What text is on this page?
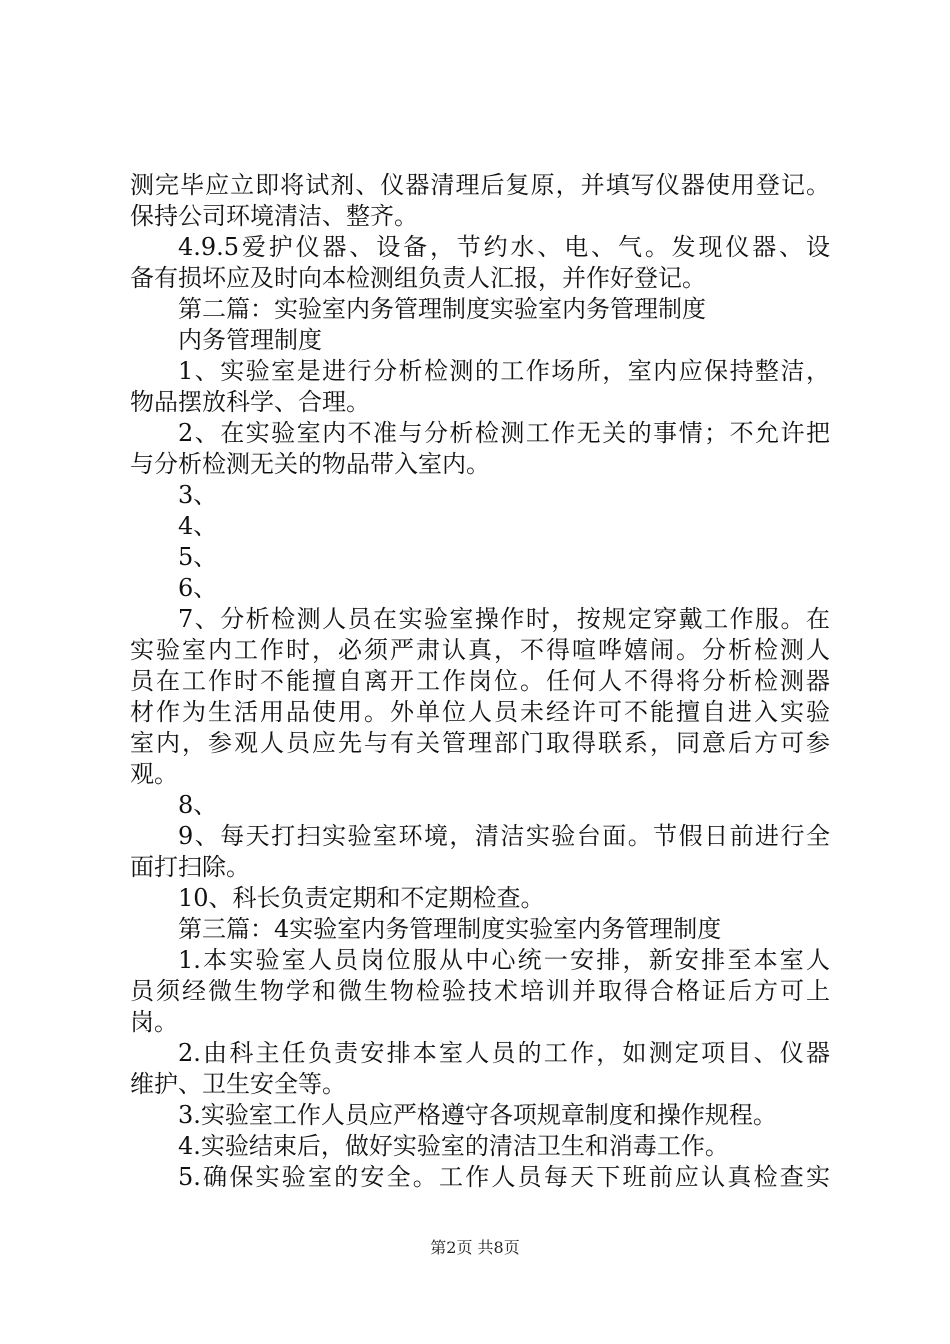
测完毕应立即将试剂、仪器清理后复原，并填写仪器使用登记。
保持公司环境清洁、整齐。
4.9.5爱护仪器、设备，节约水、电、气。发现仪器、设
备有损坏应及时向本检测组负责人汇报，并作好登记。
第二篇：实验室内务管理制度实验室内务管理制度
内务管理制度
1、实验室是进行分析检测的工作场所，室内应保持整洁，
物品摆放科学、合理。
2、在实验室内不准与分析检测工作无关的事情；不允许把
与分析检测无关的物品带入室内。
3、
4、
5、
6、
7、分析检测人员在实验室操作时，按规定穿戴工作服。在
实验室内工作时，必须严肃认真，不得喧哗嬉闹。分析检测人
员在工作时不能擅自离开工作岗位。任何人不得将分析检测器
材作为生活用品使用。外单位人员未经许可不能擅自进入实验
室内，参观人员应先与有关管理部门取得联系，同意后方可参
观。
8、
9、每天打扫实验室环境，清洁实验台面。节假日前进行全
面打扫除。
10、科长负责定期和不定期检查。
第三篇：4实验室内务管理制度实验室内务管理制度
1.本实验室人员岗位服从中心统一安排，新安排至本室人
员须经微生物学和微生物检验技术培训并取得合格证后方可上
岗。
2.由科主任负责安排本室人员的工作，如测定项目、仪器
维护、卫生安全等。
3.实验室工作人员应严格遵守各项规章制度和操作规程。
4.实验结束后，做好实验室的清洁卫生和消毒工作。
5.确保实验室的安全。工作人员每天下班前应认真检查实
第2页 共8页
